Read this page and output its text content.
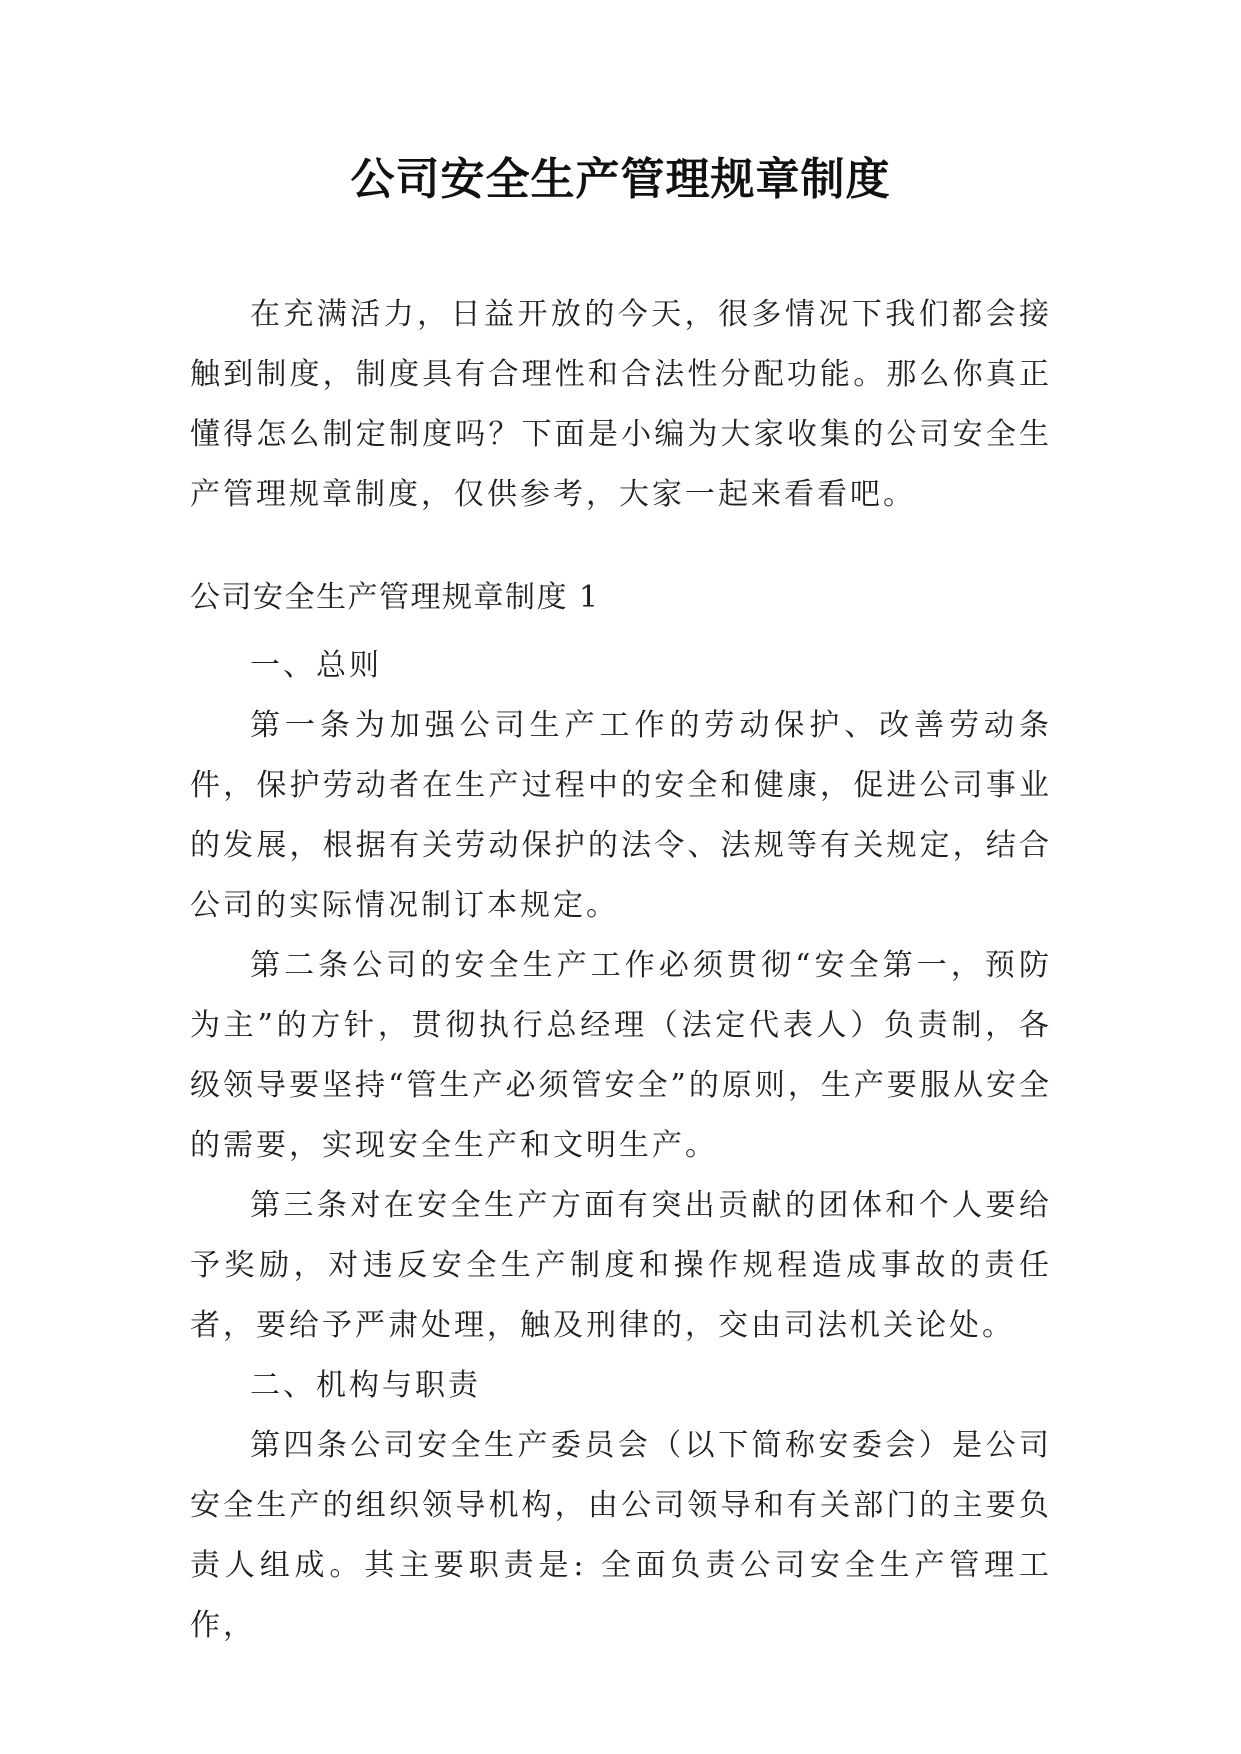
公司安全生产管理规章制度

在充满活力，日益开放的今天，很多情况下我们都会接触到制度，制度具有合理性和合法性分配功能。那么你真正懂得怎么制定制度吗？下面是小编为大家收集的公司安全生产管理规章制度，仅供参考，大家一起来看看吧。

公司安全生产管理规章制度 1

一、总则

第一条为加强公司生产工作的劳动保护、改善劳动条件，保护劳动者在生产过程中的安全和健康，促进公司事业的发展，根据有关劳动保护的法令、法规等有关规定，结合公司的实际情况制订本规定。

第二条公司的安全生产工作必须贯彻“安全第一，预防为主”的方针，贯彻执行总经理（法定代表人）负责制，各级领导要坚持“管生产必须管安全”的原则，生产要服从安全的需要，实现安全生产和文明生产。

第三条对在安全生产方面有突出贡献的团体和个人要给予奖励，对违反安全生产制度和操作规程造成事故的责任者，要给予严肃处理，触及刑律的，交由司法机关论处。

二、机构与职责

第四条公司安全生产委员会（以下简称安委会）是公司安全生产的组织领导机构，由公司领导和有关部门的主要负责人组成。其主要职责是: 全面负责公司安全生产管理工作，
